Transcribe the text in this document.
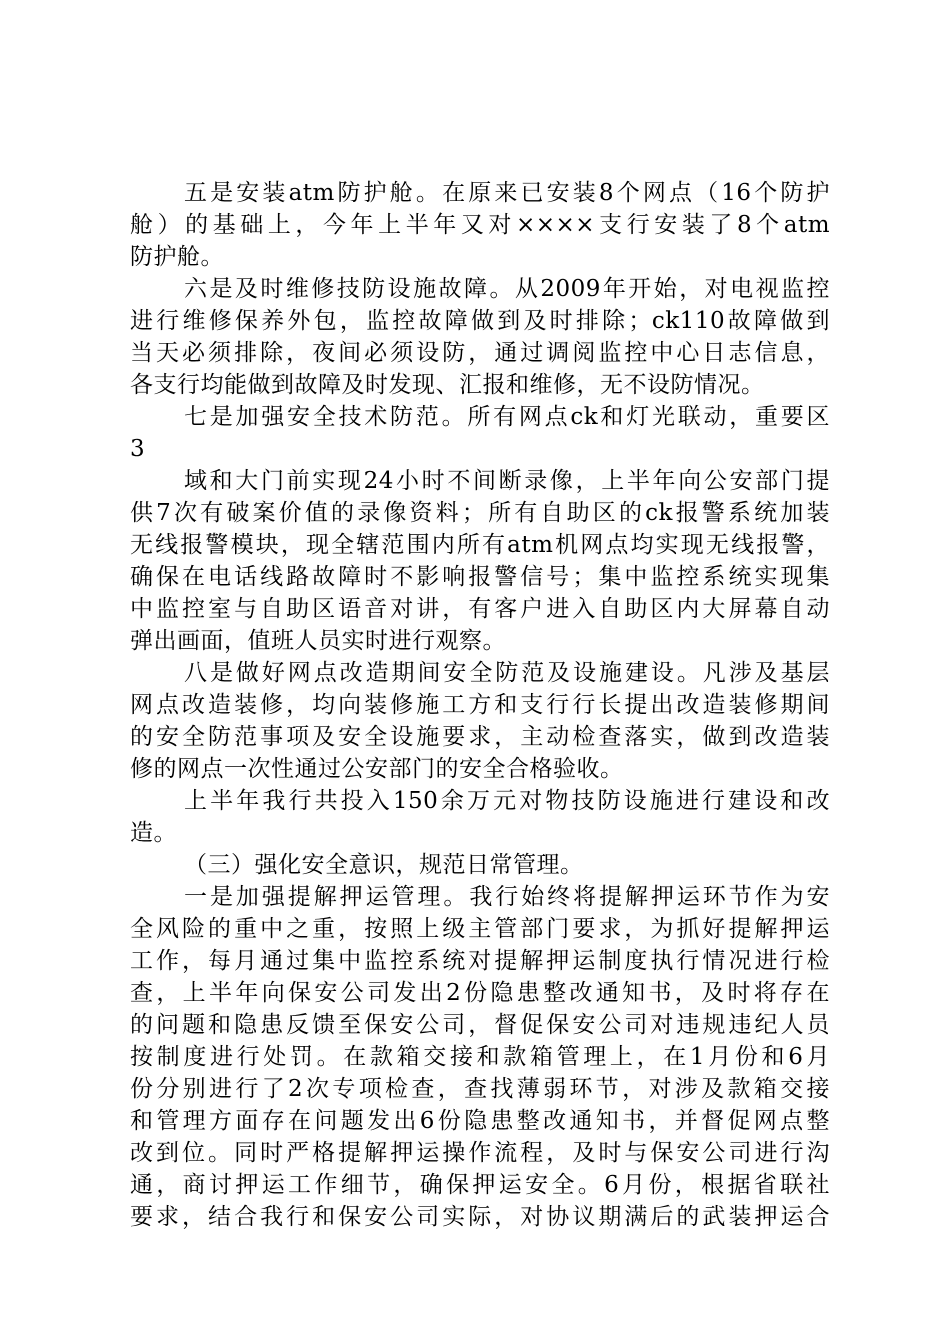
五是安装atm防护舱。在原来已安装8个网点（16个防护
舱）的基础上，今年上半年又对××××支行安装了8个atm
防护舱。
六是及时维修技防设施故障。从2009年开始，对电视监控
进行维修保养外包，监控故障做到及时排除；ck110故障做到
当天必须排除，夜间必须设防，通过调阅监控中心日志信息，
各支行均能做到故障及时发现、汇报和维修，无不设防情况。
七是加强安全技术防范。所有网点ck和灯光联动，重要区
3
域和大门前实现24小时不间断录像，上半年向公安部门提
供7次有破案价值的录像资料；所有自助区的ck报警系统加装
无线报警模块，现全辖范围内所有atm机网点均实现无线报警，
确保在电话线路故障时不影响报警信号；集中监控系统实现集
中监控室与自助区语音对讲，有客户进入自助区内大屏幕自动
弹出画面，值班人员实时进行观察。
八是做好网点改造期间安全防范及设施建设。凡涉及基层
网点改造装修，均向装修施工方和支行行长提出改造装修期间
的安全防范事项及安全设施要求，主动检查落实，做到改造装
修的网点一次性通过公安部门的安全合格验收。
上半年我行共投入150余万元对物技防设施进行建设和改
造。
（三）强化安全意识，规范日常管理。
一是加强提解押运管理。我行始终将提解押运环节作为安
全风险的重中之重，按照上级主管部门要求，为抓好提解押运
工作，每月通过集中监控系统对提解押运制度执行情况进行检
查，上半年向保安公司发出2份隐患整改通知书，及时将存在
的问题和隐患反馈至保安公司，督促保安公司对违规违纪人员
按制度进行处罚。在款箱交接和款箱管理上，在1月份和6月
份分别进行了2次专项检查，查找薄弱环节，对涉及款箱交接
和管理方面存在问题发出6份隐患整改通知书，并督促网点整
改到位。同时严格提解押运操作流程，及时与保安公司进行沟
通，商讨押运工作细节，确保押运安全。6月份，根据省联社
要求，结合我行和保安公司实际，对协议期满后的武装押运合
